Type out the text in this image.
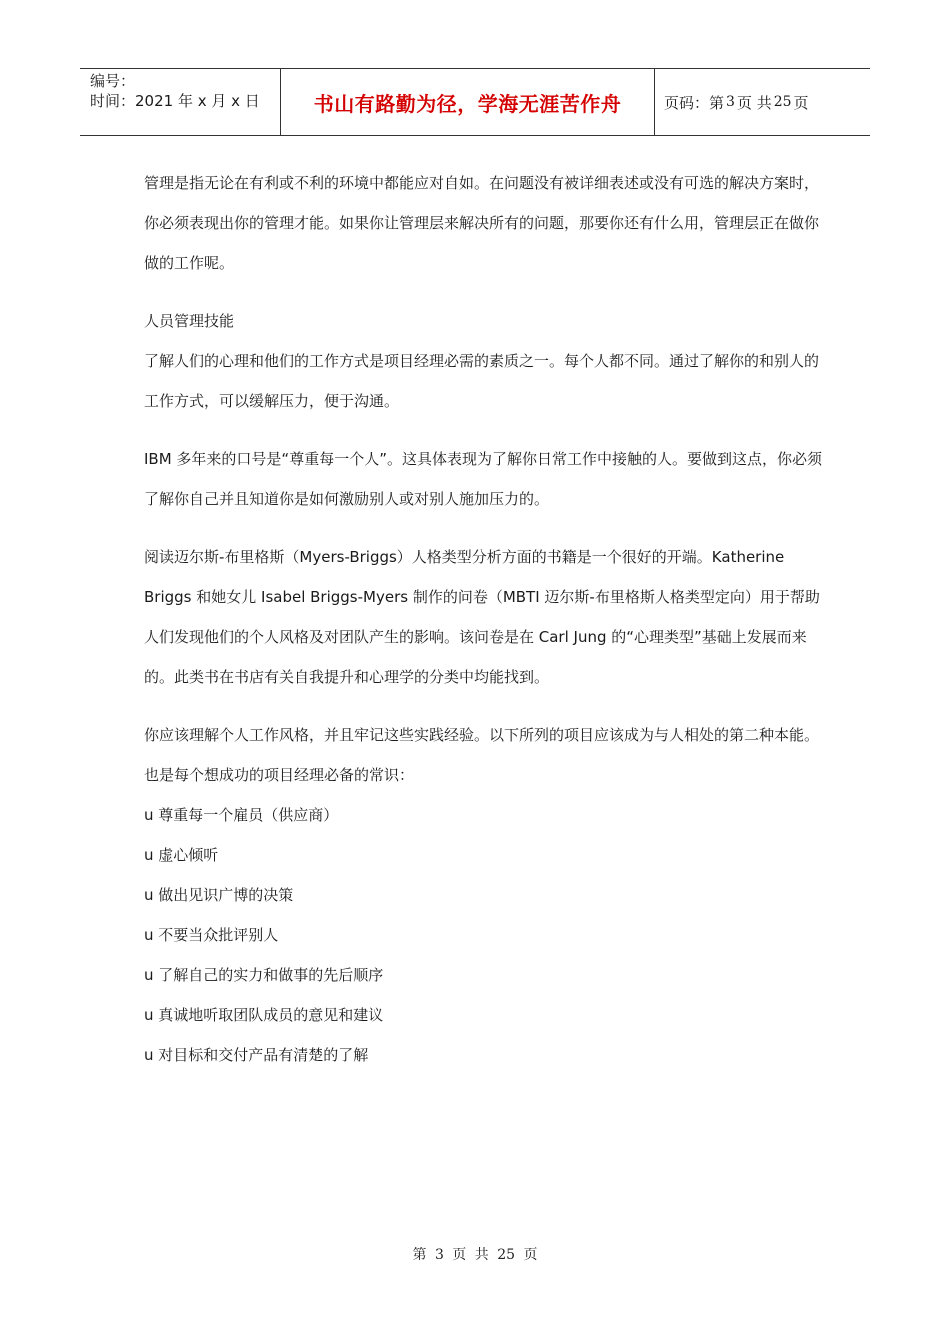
编号：
时间：2021 年 x 月 x 日	书山有路勤为径，学海无涯苦作舟	页码：第 3 页 共 25 页

管理是指无论在有利或不利的环境中都能应对自如。在问题没有被详细表述或没有可选的解决方案时，你必须表现出你的管理才能。如果你让管理层来解决所有的问题，那要你还有什么用，管理层正在做你做的工作呢。

人员管理技能

了解人们的心理和他们的工作方式是项目经理必需的素质之一。每个人都不同。通过了解你的和别人的工作方式，可以缓解压力，便于沟通。

IBM 多年来的口号是“尊重每一个人”。这具体表现为了解你日常工作中接触的人。要做到这点，你必须了解你自己并且知道你是如何激励别人或对别人施加压力的。

阅读迈尔斯-布里格斯（Myers-Briggs）人格类型分析方面的书籍是一个很好的开端。Katherine Briggs 和她女儿 Isabel Briggs-Myers 制作的问卷（MBTI 迈尔斯-布里格斯人格类型定向）用于帮助人们发现他们的个人风格及对团队产生的影响。该问卷是在 Carl Jung 的“心理类型”基础上发展而来的。此类书在书店有关自我提升和心理学的分类中均能找到。

你应该理解个人工作风格，并且牢记这些实践经验。以下所列的项目应该成为与人相处的第二种本能。也是每个想成功的项目经理必备的常识：

u 尊重每一个雇员（供应商）

u 虚心倾听

u 做出见识广博的决策

u 不要当众批评别人

u 了解自己的实力和做事的先后顺序

u 真诚地听取团队成员的意见和建议

u 对目标和交付产品有清楚的了解

第 3 页 共 25 页
